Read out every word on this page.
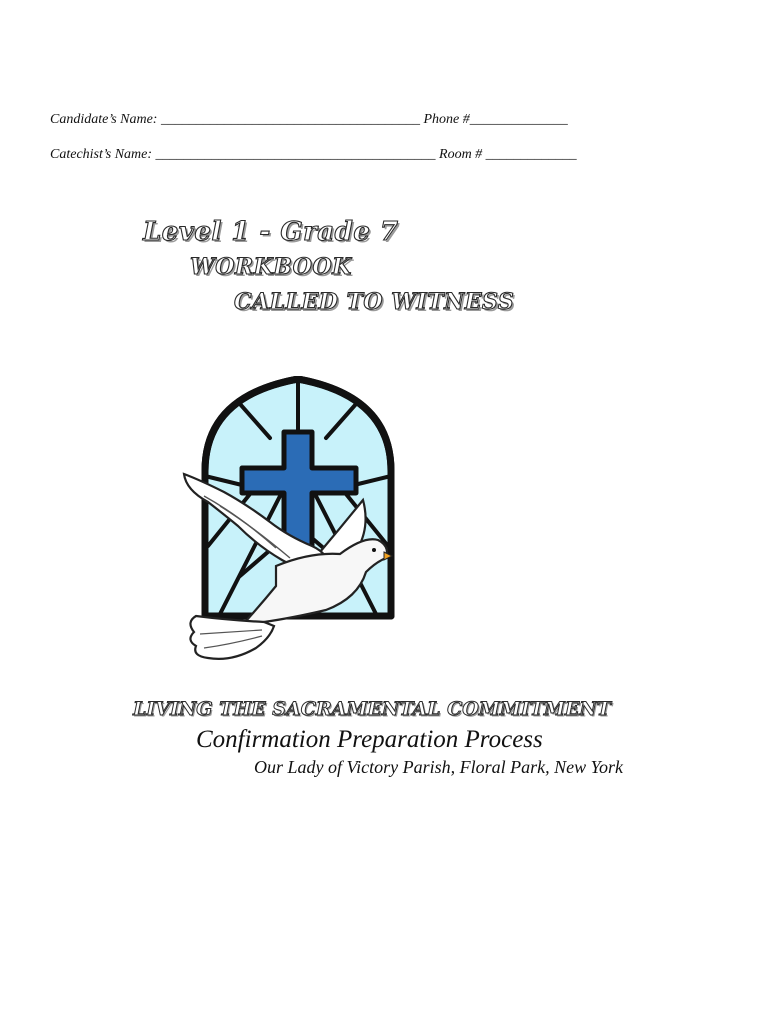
Candidate’s Name: _____________________________________ Phone #______________
Catechist’s Name: ________________________________________ Room # _____________
Level 1 - Grade 7
WORKBOOK
CALLED TO WITNESS
LIVING THE SACRAMENTAL COMMITMENT
Confirmation Preparation Process
Our Lady of Victory Parish, Floral Park, New York
